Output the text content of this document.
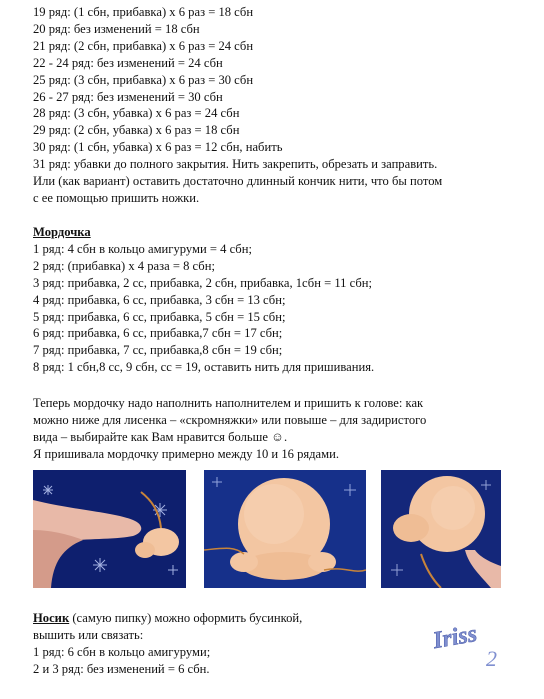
19 ряд: (1 сбн, прибавка) х 6 раз = 18 сбн
20 ряд: без изменений = 18 сбн
21 ряд: (2 сбн, прибавка) х 6 раз = 24 сбн
22 - 24 ряд: без изменений = 24 сбн
25 ряд: (3 сбн, прибавка) х 6 раз = 30 сбн
26 - 27 ряд: без изменений = 30 сбн
28 ряд: (3 сбн, убавка) х 6 раз = 24 сбн
29 ряд: (2 сбн, убавка) х 6 раз = 18 сбн
30 ряд: (1 сбн, убавка) х 6 раз = 12 сбн, набить
31 ряд: убавки до полного закрытия. Нить закрепить, обрезать и заправить.
Или (как вариант) оставить достаточно длинный кончик нити, что бы потом
с ее помощью пришить ножки.
Мордочка
1 ряд: 4 сбн в кольцо амигуруми = 4 сбн;
2 ряд: (прибавка) х 4 раза = 8 сбн;
3 ряд: прибавка, 2 сс, прибавка, 2 сбн, прибавка, 1сбн = 11 сбн;
4 ряд: прибавка, 6 сс, прибавка, 3 сбн = 13 сбн;
5 ряд: прибавка, 6 сс, прибавка, 5 сбн = 15 сбн;
6 ряд: прибавка, 6 сс, прибавка,7 сбн = 17 сбн;
7 ряд: прибавка, 7 сс, прибавка,8 сбн = 19 сбн;
8 ряд: 1 сбн,8 сс, 9 сбн, сс = 19, оставить нить для пришивания.
Теперь мордочку надо наполнить наполнителем и пришить к голове: как
можно ниже для лисенка – «скромняжки» или повыше – для задиристого
вида – выбирайте как Вам нравится больше ☺.
Я пришивала мордочку примерно между 10 и 16 рядами.
Носик (самую пипку) можно оформить бусинкой,
вышить или связать:
1 ряд: 6 сбн в кольцо амигуруми;
2 и 3 ряд: без изменений = 6 сбн.
Iriss
2
